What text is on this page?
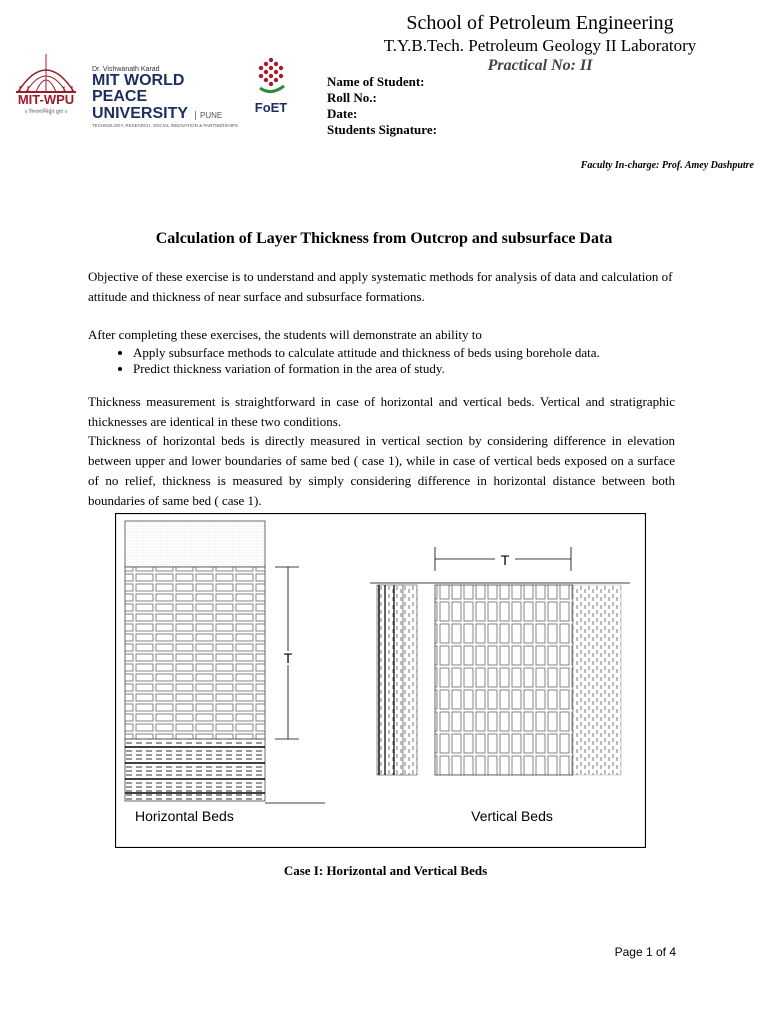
MIT-WPU
॥ विश्वशान्तिर्ध्रुवं ध्रुवा ॥
Dr. Vishwanath Karad
MIT WORLD PEACE
UNIVERSITY PUNE
TECHNOLOGY, RESEARCH, SOCIAL INNOVATION & PARTNERSHIPS
FoET
School of Petroleum Engineering
T.Y.B.Tech. Petroleum Geology II Laboratory
Practical No: II
Name of Student:
Roll No.:
Date:
Students Signature:
Faculty In-charge: Prof. Amey Dashputre
Calculation of Layer Thickness from Outcrop and subsurface Data
Objective of these exercise is to understand and apply systematic methods for analysis of data and calculation of attitude and thickness of near surface and subsurface formations.
After completing these exercises, the students will demonstrate an ability to
• Apply subsurface methods to calculate attitude and thickness of beds using borehole data.
• Predict thickness variation of formation in the area of study.
Thickness measurement is straightforward in case of horizontal and vertical beds. Vertical and stratigraphic thicknesses are identical in these two conditions.
Thickness of horizontal beds is directly measured in vertical section by considering difference in elevation between upper and lower boundaries of same bed ( case 1), while in case of vertical beds exposed on a surface of no relief, thickness is measured by simply considering difference in horizontal distance between both boundaries of same bed ( case 1).
T
Horizontal Beds
T
Vertical Beds
Case I: Horizontal and Vertical Beds
Page 1 of 4
